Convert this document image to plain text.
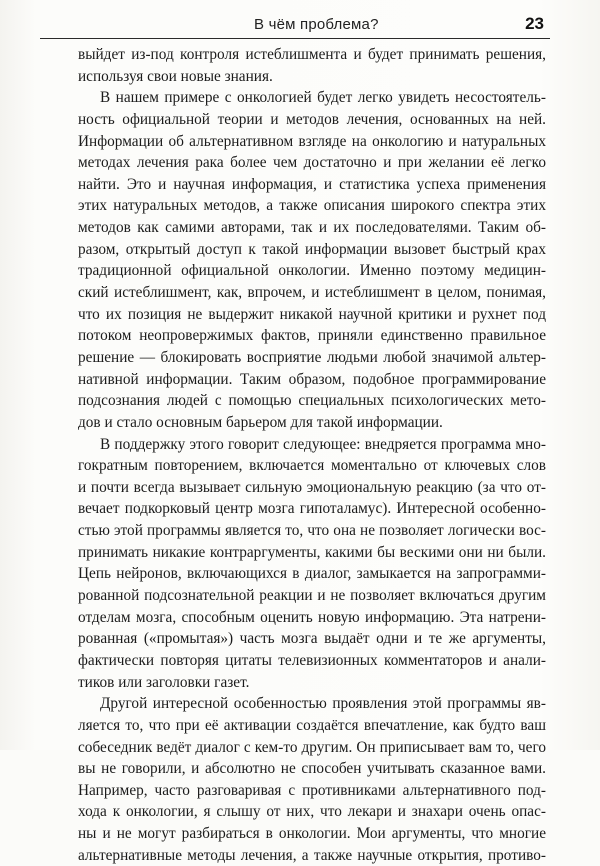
В чём проблема?	23
выйдет из-под контроля истеблишмента и будет принимать решения,
используя свои новые знания.
В нашем примере с онкологией будет легко увидеть несостоятель-
ность официальной теории и методов лечения, основанных на ней.
Информации об альтернативном взгляде на онкологию и натуральных
методах лечения рака более чем достаточно и при желании её легко
найти. Это и научная информация, и статистика успеха применения
этих натуральных методов, а также описания широкого спектра этих
методов как самими авторами, так и их последователями. Таким об-
разом, открытый доступ к такой информации вызовет быстрый крах
традиционной официальной онкологии. Именно поэтому медицин-
ский истеблишмент, как, впрочем, и истеблишмент в целом, понимая,
что их позиция не выдержит никакой научной критики и рухнет под
потоком неопровержимых фактов, приняли единственно правильное
решение — блокировать восприятие людьми любой значимой альтер-
нативной информации. Таким образом, подобное программирование
подсознания людей с помощью специальных психологических мето-
дов и стало основным барьером для такой информации.
В поддержку этого говорит следующее: внедряется программа мно-
гократным повторением, включается моментально от ключевых слов
и почти всегда вызывает сильную эмоциональную реакцию (за что от-
вечает подкорковый центр мозга гипоталамус). Интересной особенно-
стью этой программы является то, что она не позволяет логически вос-
принимать никакие контраргументы, какими бы вескими они ни были.
Цепь нейронов, включающихся в диалог, замыкается на запрограмми-
рованной подсознательной реакции и не позволяет включаться другим
отделам мозга, способным оценить новую информацию. Эта натрени-
рованная («промытая») часть мозга выдаёт одни и те же аргументы,
фактически повторяя цитаты телевизионных комментаторов и анали-
тиков или заголовки газет.
Другой интересной особенностью проявления этой программы яв-
ляется то, что при её активации создаётся впечатление, как будто ваш
собеседник ведёт диалог с кем-то другим. Он приписывает вам то, чего
вы не говорили, и абсолютно не способен учитывать сказанное вами.
Например, часто разговаривая с противниками альтернативного под-
хода к онкологии, я слышу от них, что лекари и знахари очень опас-
ны и не могут разбираться в онкологии. Мои аргументы, что многие
альтернативные методы лечения, а также научные открытия, противо-
